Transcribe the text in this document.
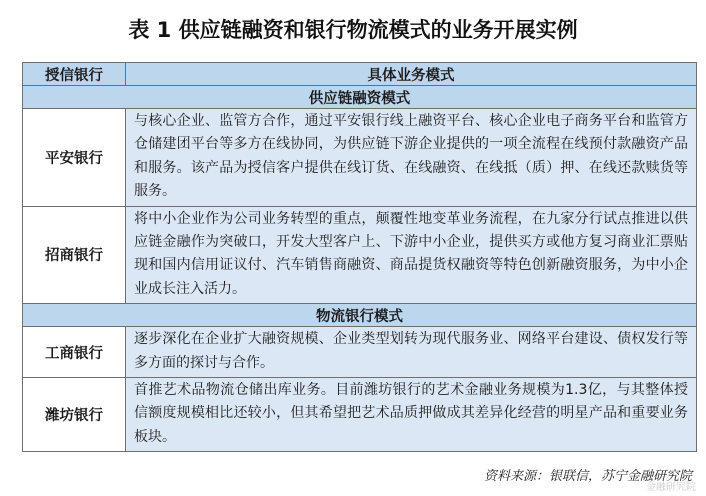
表 1 供应链融资和银行物流模式的业务开展实例
授信银行	具体业务模式
供应链融资模式	
平安银行	与核心企业、监管方合作，通过平安银行线上融资平台、核心企业电子商务平台和监管方仓储建团平台等多方在线协同，为供应链下游企业提供的一项全流程在线预付款融资产品和服务。该产品为授信客户提供在线订货、在线融资、在线抵（质）押、在线还款赎货等服务。
招商银行	将中小企业作为公司业务转型的重点，颠覆性地变革业务流程，在九家分行试点推进以供应链金融作为突破口，开发大型客户上、下游中小企业，提供买方或他方复习商业汇票贴现和国内信用证议付、汽车销售商融资、商品提货权融资等特色创新融资服务，为中小企业成长注入活力。
物流银行模式	
工商银行	逐步深化在企业扩大融资规模、企业类型划转为现代服务业、网络平台建设、债权发行等多方面的探讨与合作。
潍坊银行	首推艺术品物流仓储出库业务。目前潍坊银行的艺术金融业务规模为1.3亿，与其整体授信额度规模相比还较小，但其希望把艺术品质押做成其差异化经营的明星产品和重要业务板块。
资料来源：银联信，苏宁金融研究院
金融研究院
